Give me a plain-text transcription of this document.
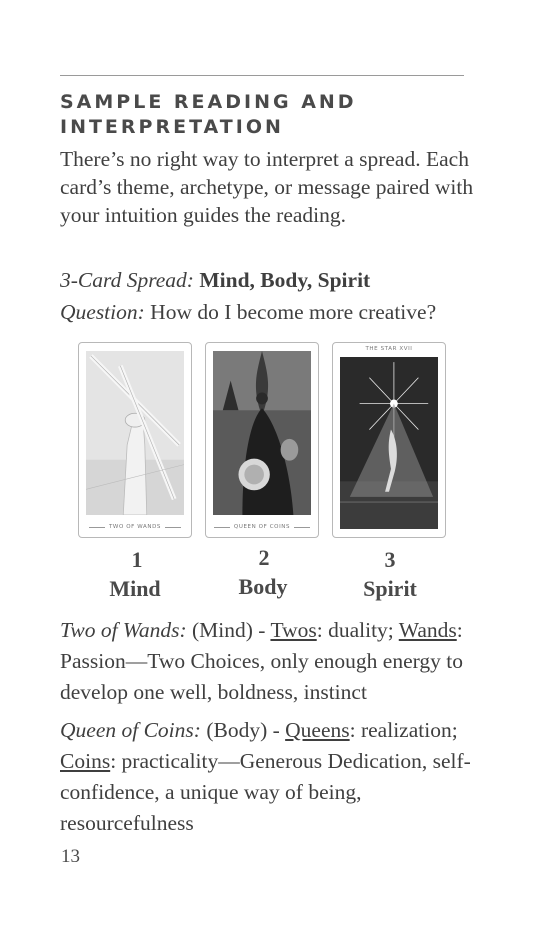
SAMPLE READING AND INTERPRETATION
There’s no right way to interpret a spread. Each card’s theme, archetype, or message paired with your intuition guides the reading.
3-Card Spread: Mind, Body, Spirit
Question: How do I become more creative?
TWO OF WANDS	QUEEN OF COINS
THE STAR XVII
1	2	3
Mind	Body	Spirit
Two of Wands: (Mind) - Twos: duality; Wands: Passion—Two Choices, only enough energy to develop one well, boldness, instinct
Queen of Coins: (Body) - Queens: realization; Coins: practicality—Generous Dedication, self-confidence, a unique way of being, resourcefulness
13
